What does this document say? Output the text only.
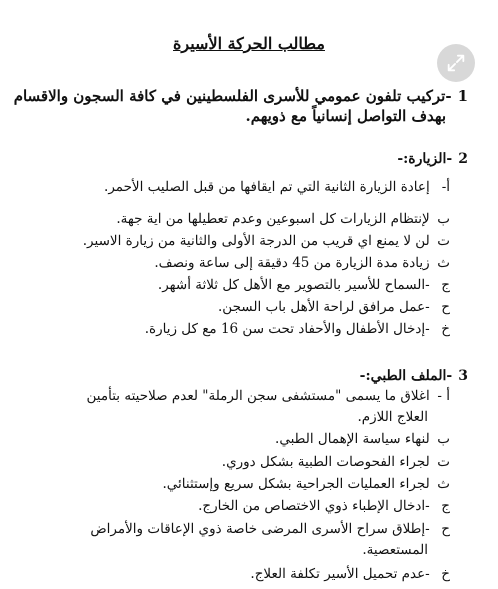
مطالب الحركة الأسيرة
1-تركيب تلفون عمومي للأسرى الفلسطينين في كافة السجون والاقسام
بهدف التواصل إنسانياً مع ذويهم.
2-الزيارة:-
أ- إعادة الزيارة الثانية التي تم ايقافها من قبل الصليب الأحمر.
ب لإنتظام الزيارات كل اسبوعين وعدم تعطيلها من اية جهة.
ت لن لا يمنع اي قريب من الدرجة الأولى والثانية من زيارة الاسير.
ث زيادة مدة الزيارة من 45 دقيقة إلى ساعة ونصف.
ج -السماح للأسير بالتصوير مع الأهل كل ثلاثة أشهر.
ح -عمل مرافق لراحة الأهل باب السجن.
خ -إدخال الأطفال والأحفاد تحت سن 16 مع كل زيارة.
3-الملف الطبي:-
أ - اغلاق ما يسمى "مستشفى سجن الرملة" لعدم صلاحيته بتأمين
العلاج اللازم.
ب لنهاء سياسة الإهمال الطبي.
ت لجراء الفحوصات الطبية بشكل دوري.
ث لجراء العمليات الجراحية بشكل سريع وإستثنائي.
ج -ادخال الإطباء ذوي الاختصاص من الخارج.
ح -إطلاق سراح الأسرى المرضى خاصة ذوي الإعاقات والأمراض
المستعصية.
خ -عدم تحميل الأسير تكلفة العلاج.
